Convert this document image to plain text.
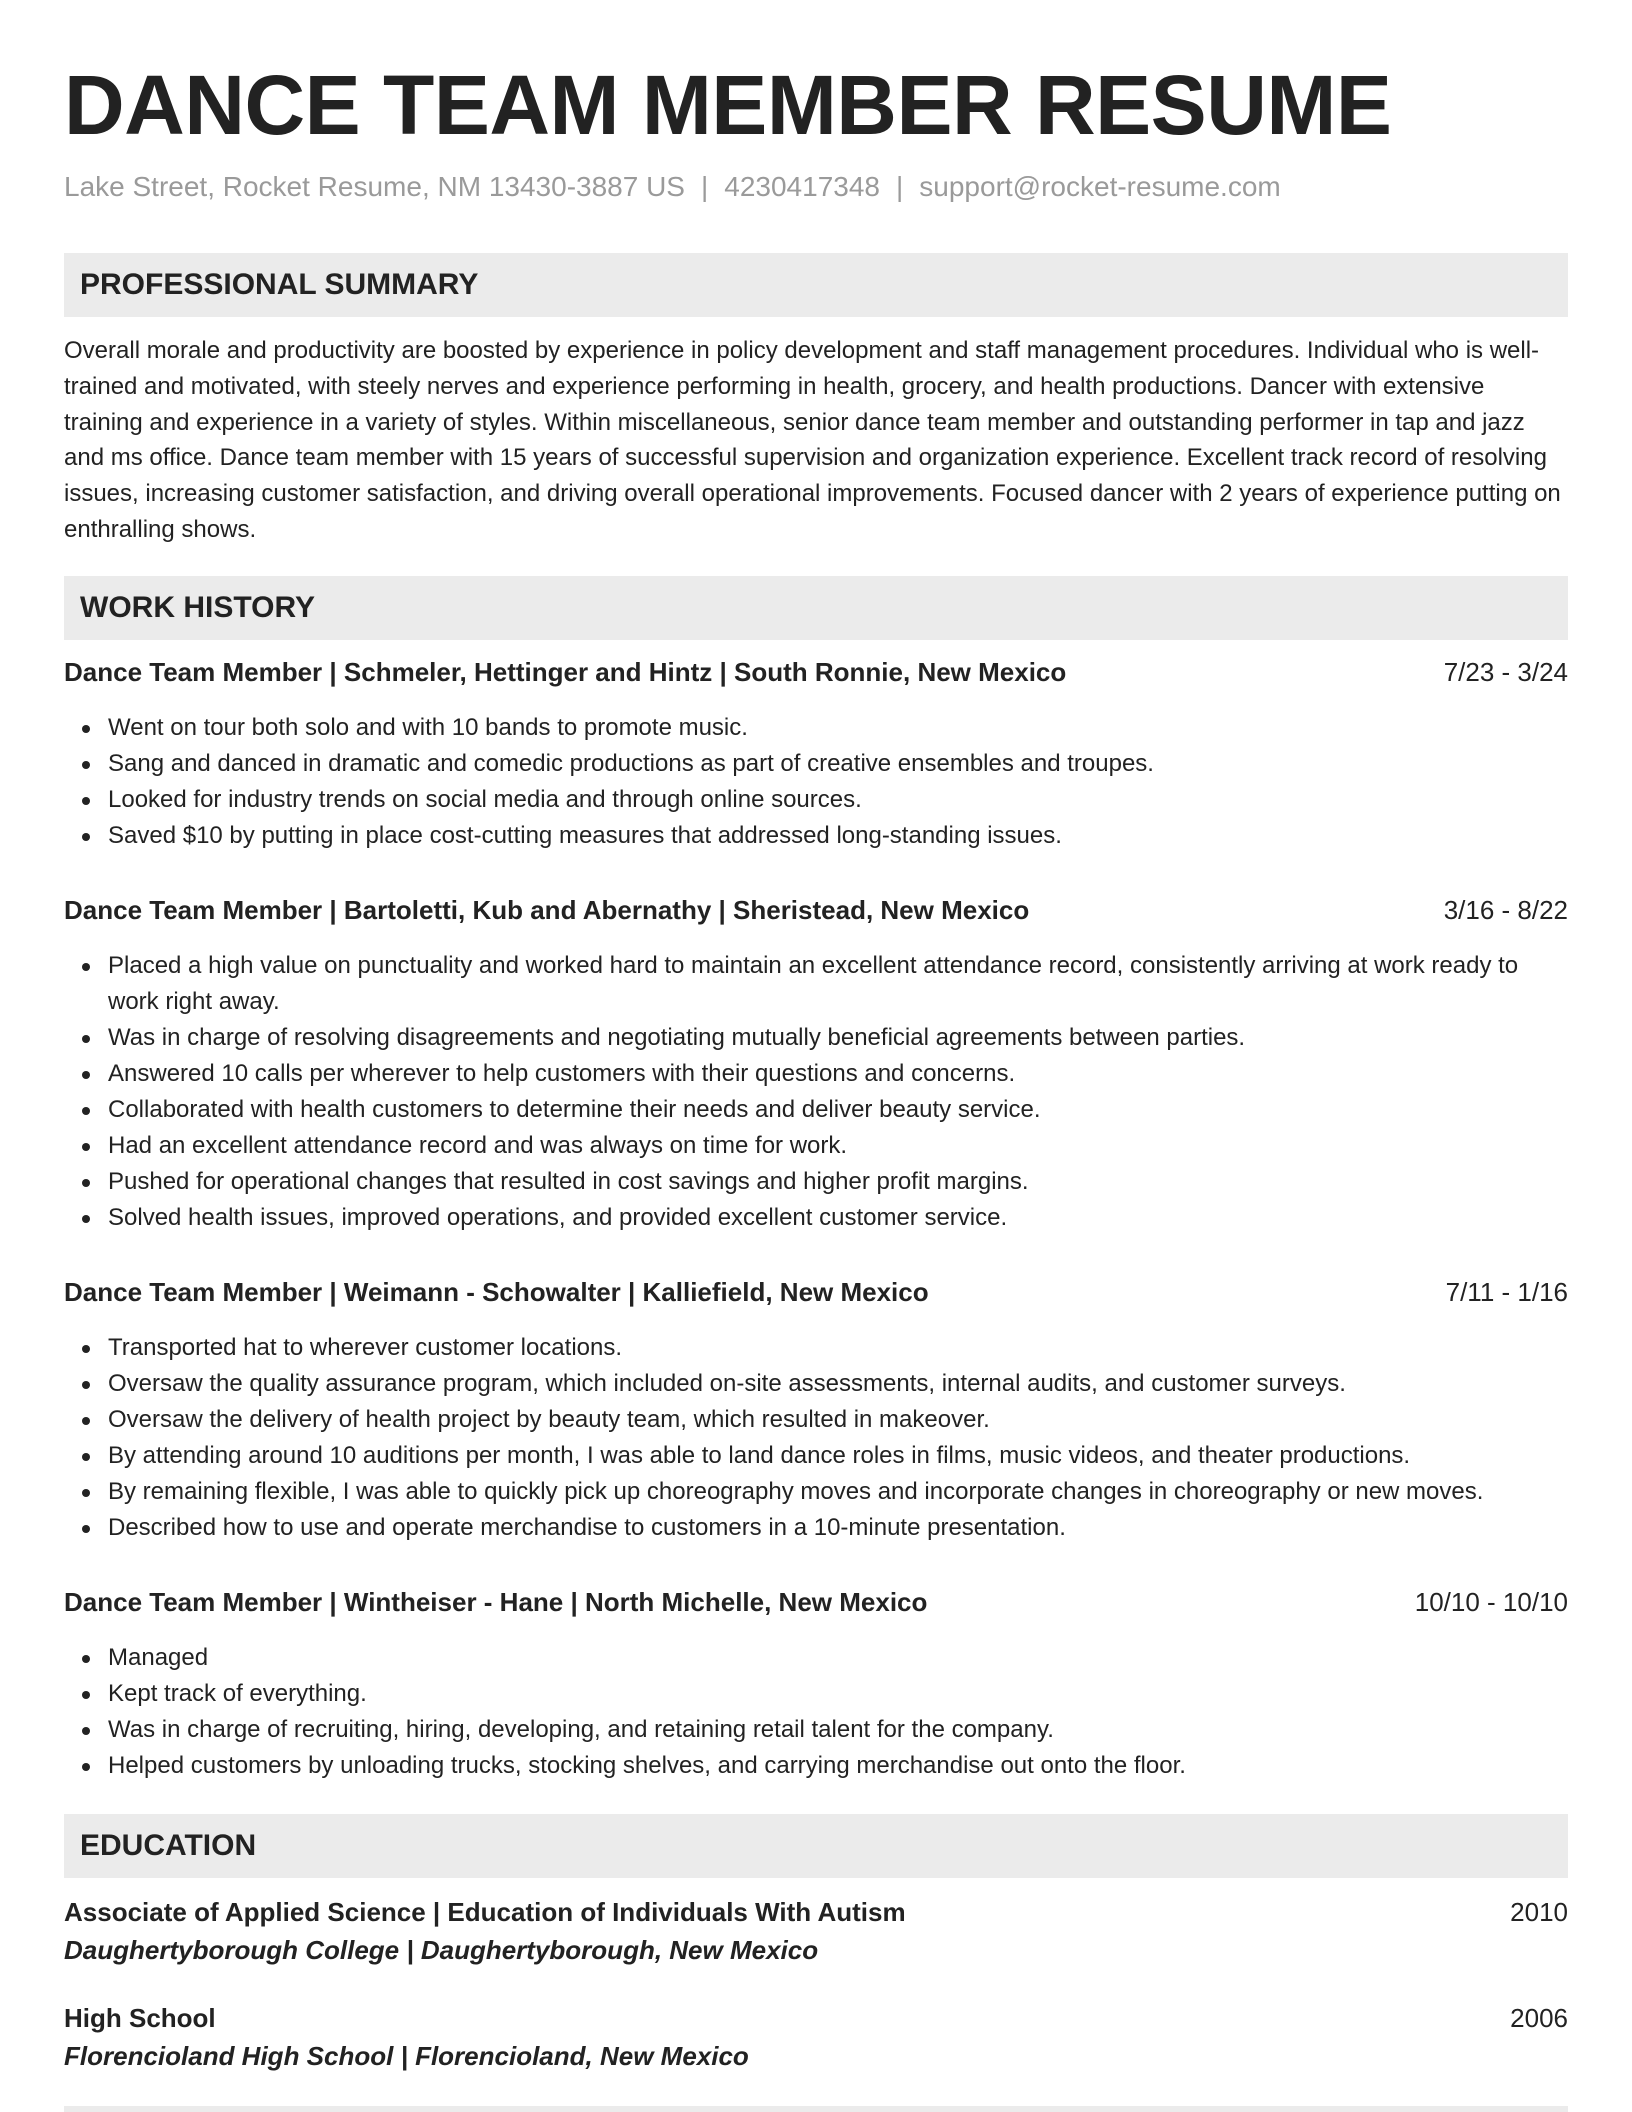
DANCE TEAM MEMBER RESUME
Lake Street, Rocket Resume, NM 13430-3887 US | 4230417348 | support@rocket-resume.com
PROFESSIONAL SUMMARY

Overall morale and productivity are boosted by experience in policy development and staff management procedures. Individual who is well-trained and motivated, with steely nerves and experience performing in health, grocery, and health productions. Dancer with extensive training and experience in a variety of styles. Within miscellaneous, senior dance team member and outstanding performer in tap and jazz and ms office. Dance team member with 15 years of successful supervision and organization experience. Excellent track record of resolving issues, increasing customer satisfaction, and driving overall operational improvements. Focused dancer with 2 years of experience putting on enthralling shows.

WORK HISTORY
Dance Team Member | Schmeler, Hettinger and Hintz | South Ronnie, New Mexico	7/23 - 3/24
Went on tour both solo and with 10 bands to promote music.
Sang and danced in dramatic and comedic productions as part of creative ensembles and troupes.
Looked for industry trends on social media and through online sources.
Saved $10 by putting in place cost-cutting measures that addressed long-standing issues.
Dance Team Member | Bartoletti, Kub and Abernathy | Sheristead, New Mexico	3/16 - 8/22
Placed a high value on punctuality and worked hard to maintain an excellent attendance record, consistently arriving at work ready to work right away.
Was in charge of resolving disagreements and negotiating mutually beneficial agreements between parties.
Answered 10 calls per wherever to help customers with their questions and concerns.
Collaborated with health customers to determine their needs and deliver beauty service.
Had an excellent attendance record and was always on time for work.
Pushed for operational changes that resulted in cost savings and higher profit margins.
Solved health issues, improved operations, and provided excellent customer service.
Dance Team Member | Weimann - Schowalter | Kalliefield, New Mexico	7/11 - 1/16
Transported hat to wherever customer locations.
Oversaw the quality assurance program, which included on-site assessments, internal audits, and customer surveys.
Oversaw the delivery of health project by beauty team, which resulted in makeover.
By attending around 10 auditions per month, I was able to land dance roles in films, music videos, and theater productions.
By remaining flexible, I was able to quickly pick up choreography moves and incorporate changes in choreography or new moves.
Described how to use and operate merchandise to customers in a 10-minute presentation.
Dance Team Member | Wintheiser - Hane | North Michelle, New Mexico	10/10 - 10/10
Managed
Kept track of everything.
Was in charge of recruiting, hiring, developing, and retaining retail talent for the company.
Helped customers by unloading trucks, stocking shelves, and carrying merchandise out onto the floor.
EDUCATION
Associate of Applied Science | Education of Individuals With Autism	2010
Daughertyborough College | Daughertyborough, New Mexico
High School	2006
Florencioland High School | Florencioland, New Mexico
